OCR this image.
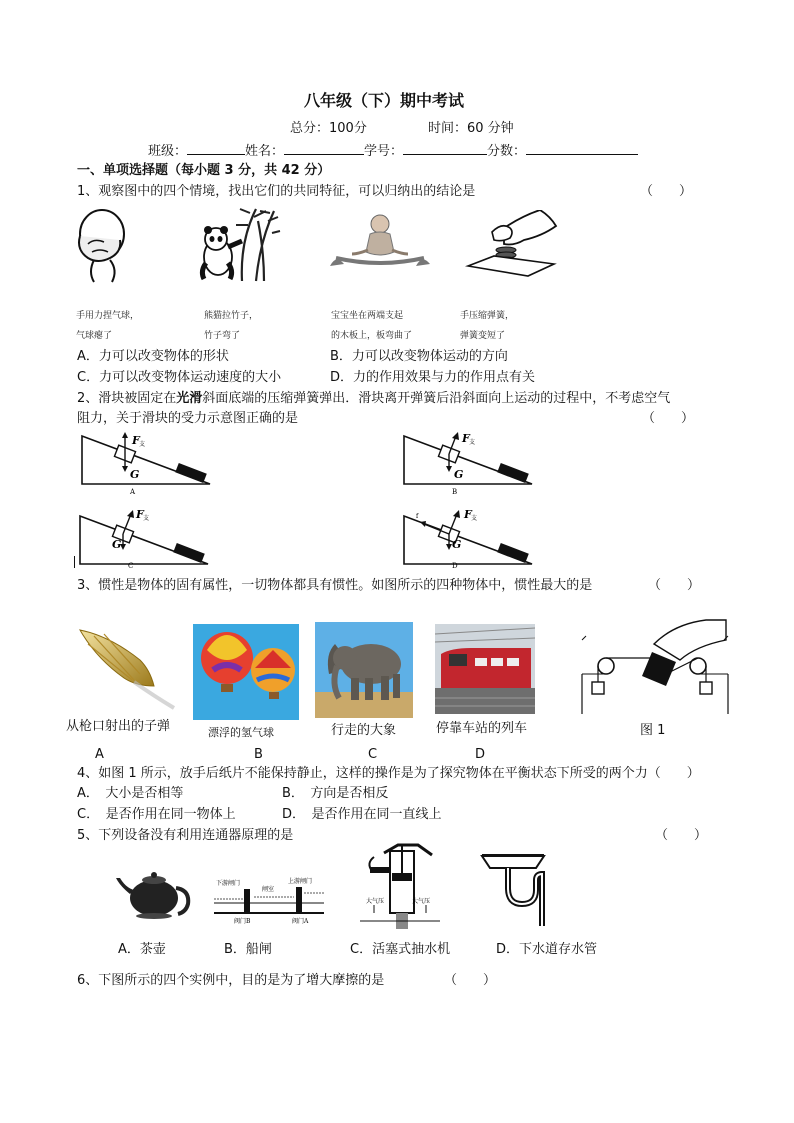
八年级（下）期中考试
总分：100分	时间：60 分钟
班级：	姓名：	学号：	分数：
一、单项选择题（每小题 3 分，共 42 分）
1、观察图中的四个情境，找出它们的共同特征，可以归纳出的结论是	（　　）
手用力捏气球，
气球瘪了
熊猫拉竹子，
竹子弯了
宝宝坐在两端支起
的木板上，板弯曲了
手压缩弹簧，
弹簧变短了
A．力可以改变物体的形状	B．力可以改变物体运动的方向
C．力可以改变物体运动速度的大小	D．力的作用效果与力的作用点有关
2、滑块被固定在光滑斜面底端的压缩弹簧弹出．滑块离开弹簧后沿斜面向上运动的过程中，不考虑空气
阻力，关于滑块的受力示意图正确的是	（　　）
F 支
G
A
F 支
G
B
F 支
G
C
f	F 支
G
D
3、惯性是物体的固有属性，一切物体都具有惯性。如图所示的四种物体中，惯性最大的是	（　　）
从枪口射出的子弹	漂浮的氢气球	行走的大象	停靠车站的列车	图 1
A	B	C	D
4、如图 1 所示，放手后纸片不能保持静止，这样的操作是为了探究物体在平衡状态下所受的两个力（　　）
A．　大小是否相等	B．　方向是否相反
C．　是否作用在同一物体上	D．　是否作用在同一直线上
5、下列设备没有利用连通器原理的是	（　　）
下游闸门
闸室
上游闸门
阀门B	阀门A
大气压	大气压
A．茶壶	B．船闸	C．活塞式抽水机	D．下水道存水管
6、下图所示的四个实例中，目的是为了增大摩擦的是	（　　）
